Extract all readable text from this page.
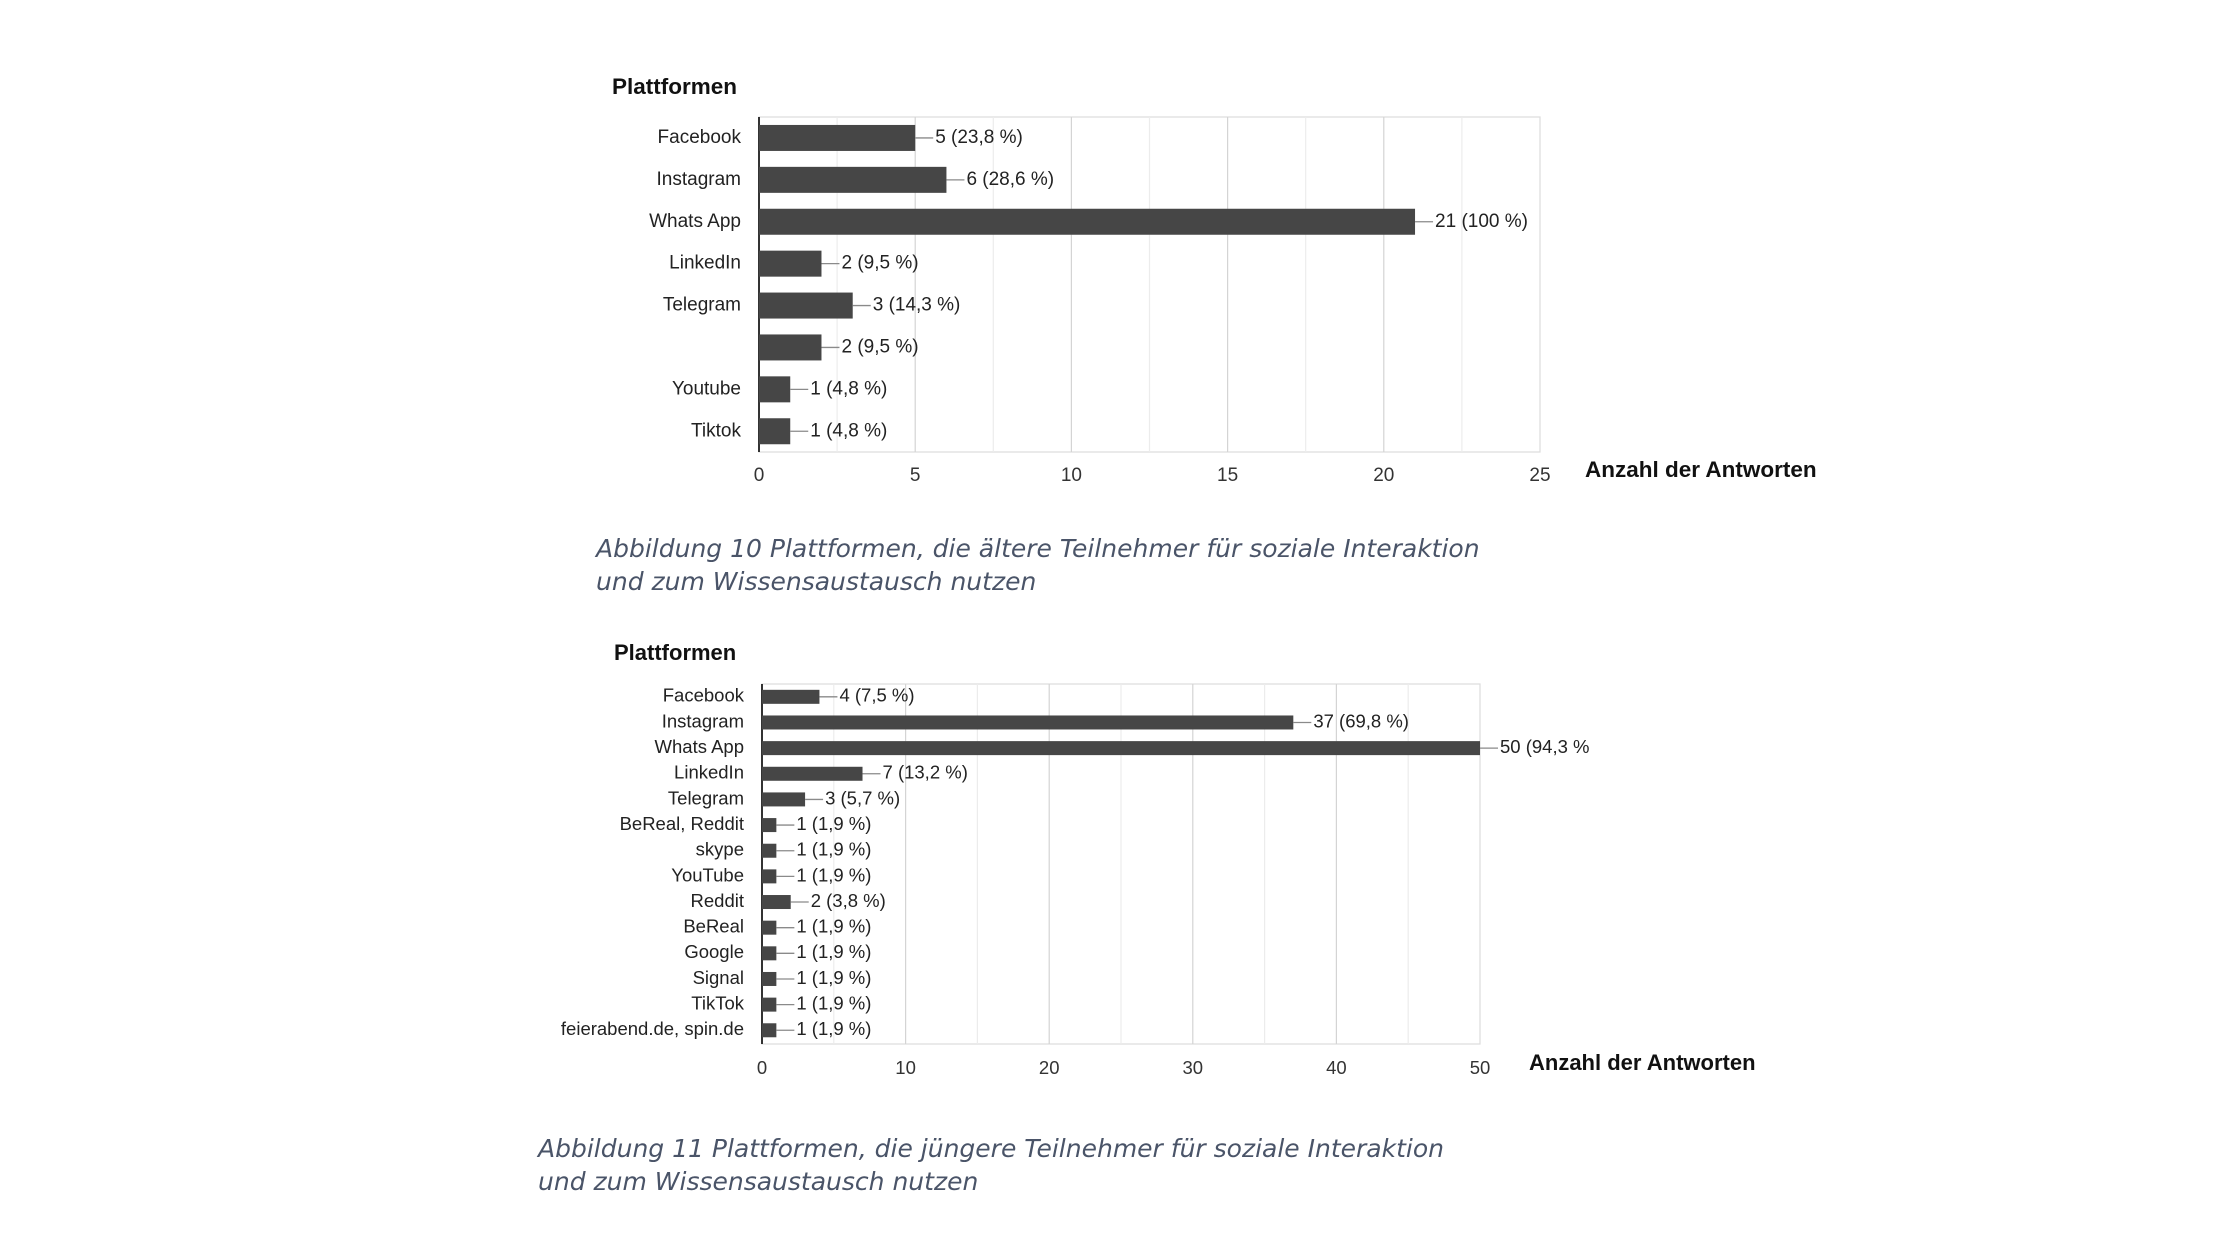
Facebook	5 (23,8 %)
Instagram	6 (28,6 %)
Whats App	21 (100 %)
LinkedIn	2 (9,5 %)
Telegram	3 (14,3 %)
2 (9,5 %)
Youtube	1 (4,8 %)
Tiktok	1 (4,8 %)
0	5	10	15	20	25
Plattformen
Anzahl der Antworten
Facebook	4 (7,5 %)
Instagram	37 (69,8 %)
Whats App	50 (94,3 %
LinkedIn	7 (13,2 %)
Telegram	3 (5,7 %)
BeReal, Reddit	1 (1,9 %)
skype	1 (1,9 %)
YouTube	1 (1,9 %)
Reddit	2 (3,8 %)
BeReal	1 (1,9 %)
Google	1 (1,9 %)
Signal	1 (1,9 %)
TikTok	1 (1,9 %)
feierabend.de, spin.de	1 (1,9 %)
0	10	20	30	40	50
Plattformen
Anzahl der Antworten

Abbildung 10 Plattformen, die ältere Teilnehmer für soziale Interaktion
und zum Wissensaustausch nutzen

Abbildung 11 Plattformen, die jüngere Teilnehmer für soziale Interaktion
und zum Wissensaustausch nutzen
